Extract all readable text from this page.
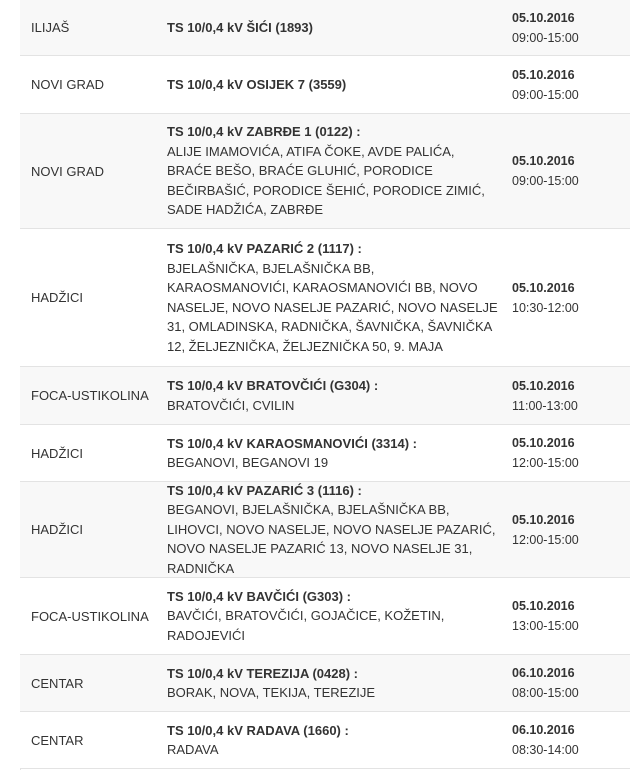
ILIJAŠ	TS 10/0,4 kV ŠIĆI (1893)
05.10.2016
09:00-15:00
NOVI GRAD	TS 10/0,4 kV OSIJEK 7 (3559)
05.10.2016
09:00-15:00
NOVI GRAD
TS 10/0,4 kV ZABRĐE 1 (0122) :
ALIJE IMAMOVIĆA, ATIFA ČOKE, AVDE PALIĆA, BRAĆE BEŠO, BRAĆE GLUHIĆ, PORODICE BEČIRBAŠIĆ, PORODICE ŠEHIĆ, PORODICE ZIMIĆ, SADE HADŽIĆA, ZABRĐE
05.10.2016
09:00-15:00
HADŽICI
TS 10/0,4 kV PAZARIĆ 2 (1117) :
BJELAŠNIČKA, BJELAŠNIČKA BB, KARAOSMANOVIĆI, KARAOSMANOVIĆI BB, NOVO NASELJE, NOVO NASELJE PAZARIĆ, NOVO NASELJE 31, OMLADINSKA, RADNIČKA, ŠAVNIČKA, ŠAVNIČKA 12, ŽELJEZNIČKA, ŽELJEZNIČKA 50, 9. MAJA
05.10.2016
10:30-12:00
FOCA-USTIKOLINA
TS 10/0,4 kV BRATOVČIĆI (G304) :
BRATOVČIĆI, CVILIN
05.10.2016
11:00-13:00
HADŽICI
TS 10/0,4 kV KARAOSMANOVIĆI (3314) :
BEGANOVI, BEGANOVI 19
05.10.2016
12:00-15:00
HADŽICI
TS 10/0,4 kV PAZARIĆ 3 (1116) :
BEGANOVI, BJELAŠNIČKA, BJELAŠNIČKA BB, LIHOVCI, NOVO NASELJE, NOVO NASELJE PAZARIĆ, NOVO NASELJE PAZARIĆ 13, NOVO NASELJE 31, RADNIČKA
05.10.2016
12:00-15:00
FOCA-USTIKOLINA
TS 10/0,4 kV BAVČIĆI (G303) :
BAVČIĆI, BRATOVČIĆI, GOJAČICE, KOŽETIN, RADOJEVIĆI
05.10.2016
13:00-15:00
CENTAR
TS 10/0,4 kV TEREZIJA (0428) :
BORAK, NOVA, TEKIJA, TEREZIJE
06.10.2016
08:00-15:00
CENTAR
TS 10/0,4 kV RADAVA (1660) :
RADAVA
06.10.2016
08:30-14:00
